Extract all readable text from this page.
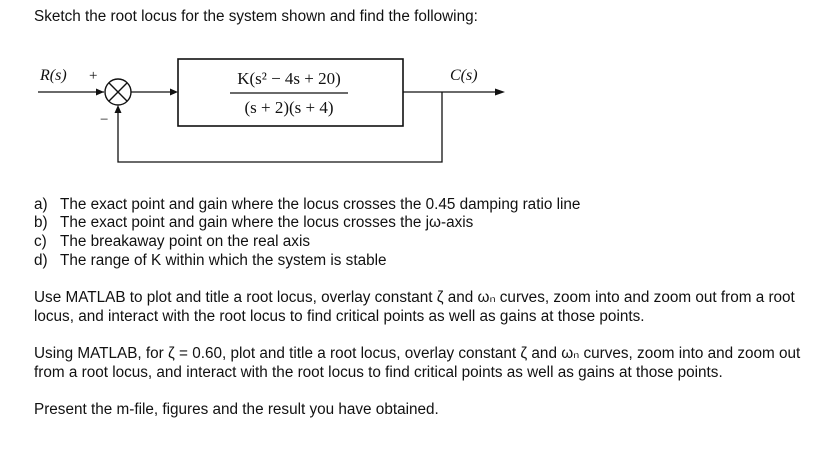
Sketch the root locus for the system shown and find the following:
K(s² − 4s + 20)
(s + 2)(s + 4)
R(s) +
−
C(s)
a) The exact point and gain where the locus crosses the 0.45 damping ratio line
b) The exact point and gain where the locus crosses the jω-axis
c) The breakaway point on the real axis
d) The range of K within which the system is stable
Use MATLAB to plot and title a root locus, overlay constant ζ and ωₙ curves, zoom into and zoom out from a root locus, and interact with the root locus to find critical points as well as gains at those points.
Using MATLAB, for ζ = 0.60, plot and title a root locus, overlay constant ζ and ωₙ curves, zoom into and zoom out from a root locus, and interact with the root locus to find critical points as well as gains at those points.
Present the m-file, figures and the result you have obtained.
